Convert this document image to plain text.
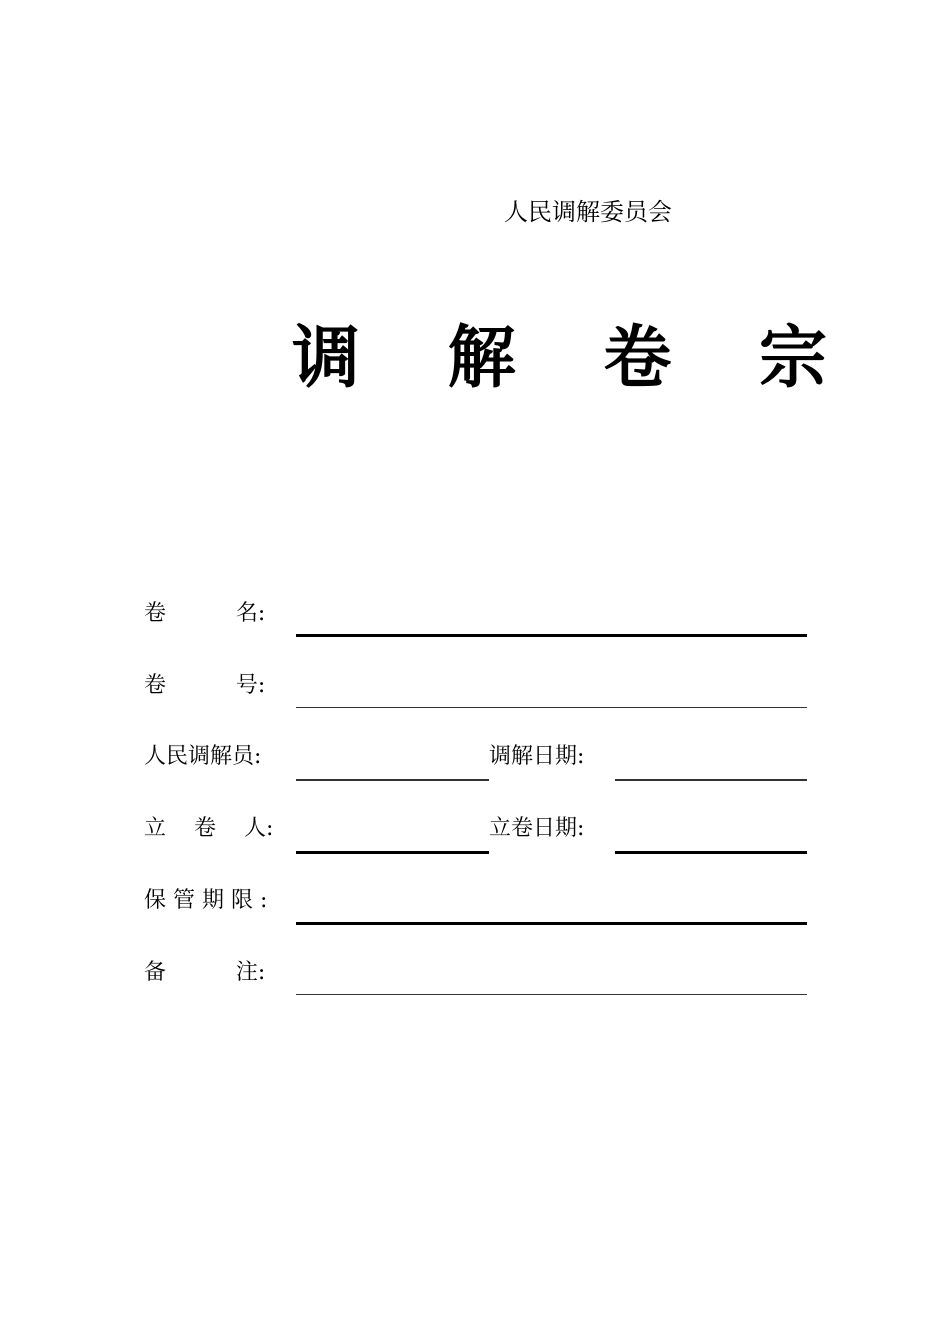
人民调解委员会
调 解 卷 宗
卷          名:
卷          号:
人民调解员:	调解日期:
立    卷    人:	立卷日期:
保 管 期 限 :
备          注:
